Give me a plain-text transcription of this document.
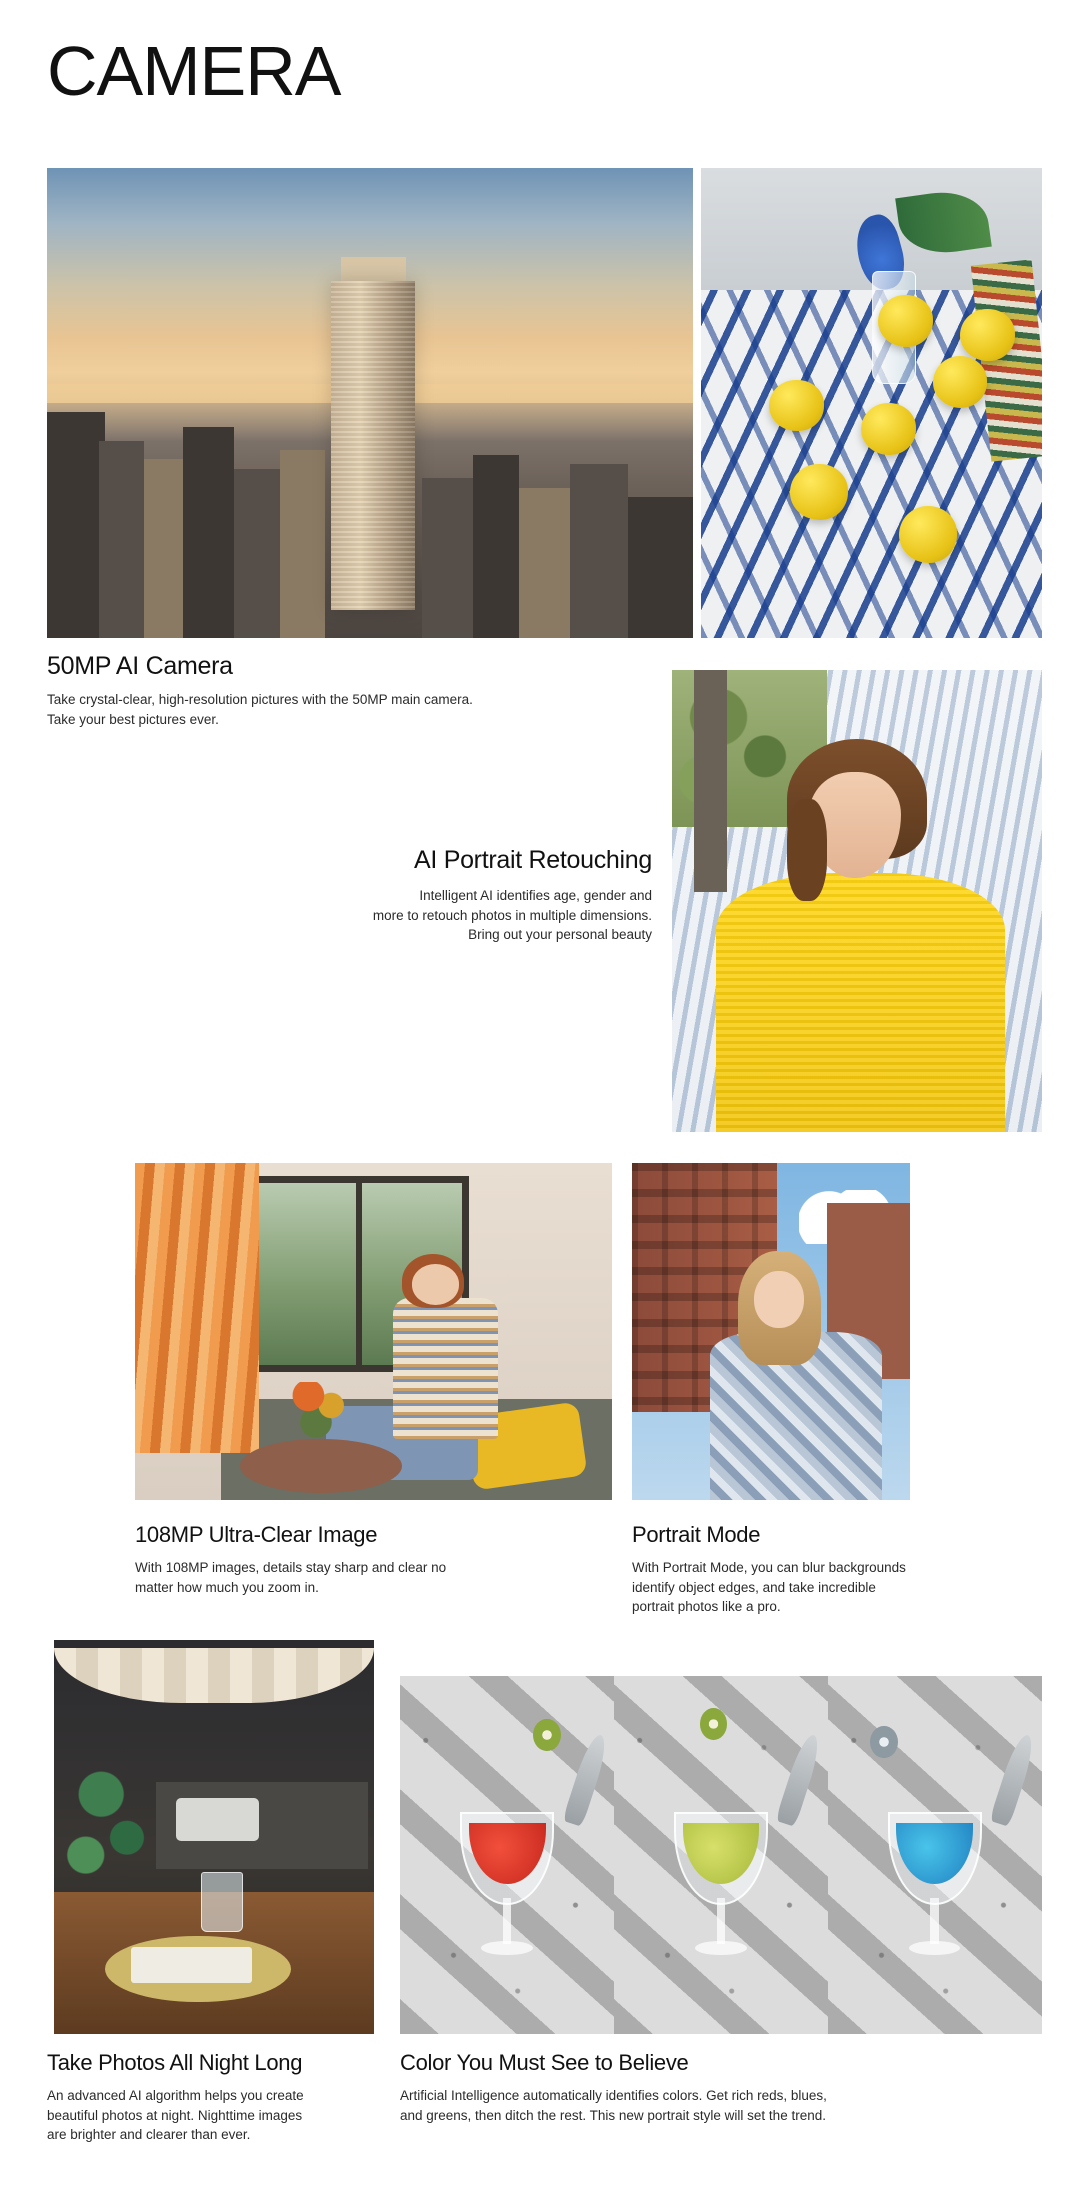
CAMERA
50MP AI Camera
Take crystal-clear, high-resolution pictures with the 50MP main camera.
Take your best pictures ever.
AI Portrait Retouching
Intelligent AI identifies age, gender and
more to retouch photos in multiple dimensions.
Bring out your personal beauty
108MP Ultra-Clear Image
With 108MP images, details stay sharp and clear no
matter how much you zoom in.
Portrait Mode
With Portrait Mode, you can blur backgrounds
identify object edges, and take incredible
portrait photos like a pro.
Take Photos All Night Long
An advanced AI algorithm helps you create
beautiful photos at night. Nighttime images
are brighter and clearer than ever.
Color You Must See to Believe
Artificial Intelligence automatically identifies colors. Get rich reds, blues,
and greens, then ditch the rest. This new portrait style will set the trend.
